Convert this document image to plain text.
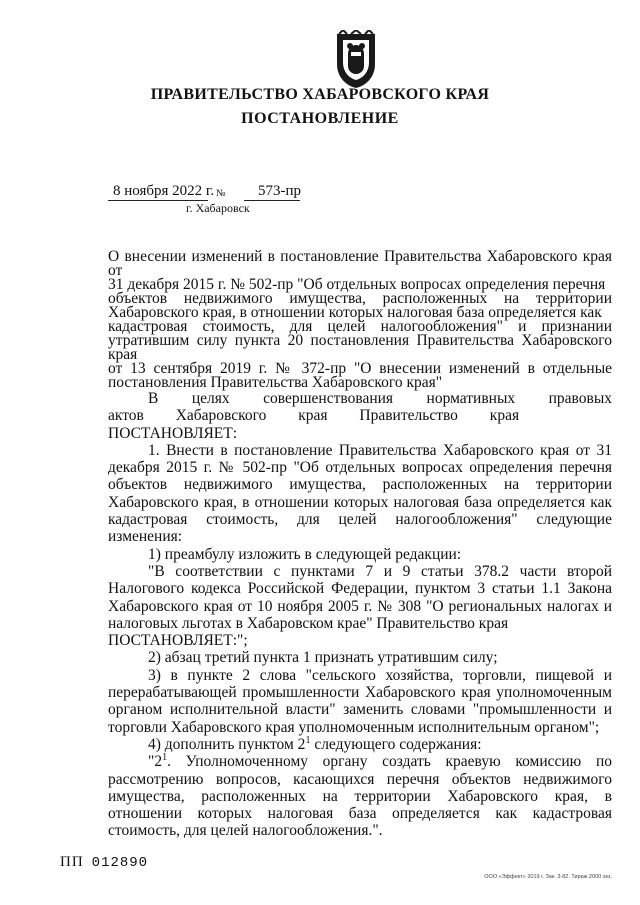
ПРАВИТЕЛЬСТВО ХАБАРОВСКОГО КРАЯ
ПОСТАНОВЛЕНИЕ
8 ноября 2022 г. № 573-пр
г. Хабаровск

О внесении изменений в постановление Правительства Хабаровского края от

31 декабря 2015 г. № 502-пр "Об отдельных вопросах определения перечня

объектов недвижимого имущества, расположенных на территории

Хабаровского края, в отношении которых налоговая база определяется как

кадастровая стоимость, для целей налогообложения" и признании

утратившим силу пункта 20 постановления Правительства Хабаровского края

от 13 сентября 2019 г. № 372-пр "О внесении изменений в отдельные

постановления Правительства Хабаровского края"

В целях совершенствования нормативных правовых актов Хабаровского края Правительство края

ПОСТАНОВЛЯЕТ:

1. Внести в постановление Правительства Хабаровского края от 31 декабря 2015 г. № 502-пр "Об отдельных вопросах определения перечня объектов недвижимого имущества, расположенных на территории Хабаровского края, в отношении которых налоговая база определяется как кадастровая стоимость, для целей налогообложения" следующие изменения:

1) преамбулу изложить в следующей редакции:

"В соответствии с пунктами 7 и 9 статьи 378.2 части второй Налогового кодекса Российской Федерации, пунктом 3 статьи 1.1 Закона Хабаровского края от 10 ноября 2005 г. № 308 "О региональных налогах и налоговых льготах в Хабаровском крае" Правительство края

ПОСТАНОВЛЯЕТ:";

2) абзац третий пункта 1 признать утратившим силу;

3) в пункте 2 слова "сельского хозяйства, торговли, пищевой и перерабатывающей промышленности Хабаровского края уполномоченным органом исполнительной власти" заменить словами "промышленности и торговли Хабаровского края уполномоченным исполнительным органом";

4) дополнить пунктом $2^1$ следующего содержания:

"$2^1$. Уполномоченному органу создать краевую комиссию по рассмотрению вопросов, касающихся перечня объектов недвижимого имущества, расположенных на территории Хабаровского края, в отношении которых налоговая база определяется как кадастровая стоимость, для целей налогообложения.".

ПП 012890
ООО «Эффект» 2019 г. Зак. 3-82. Тираж 2000 экз.
